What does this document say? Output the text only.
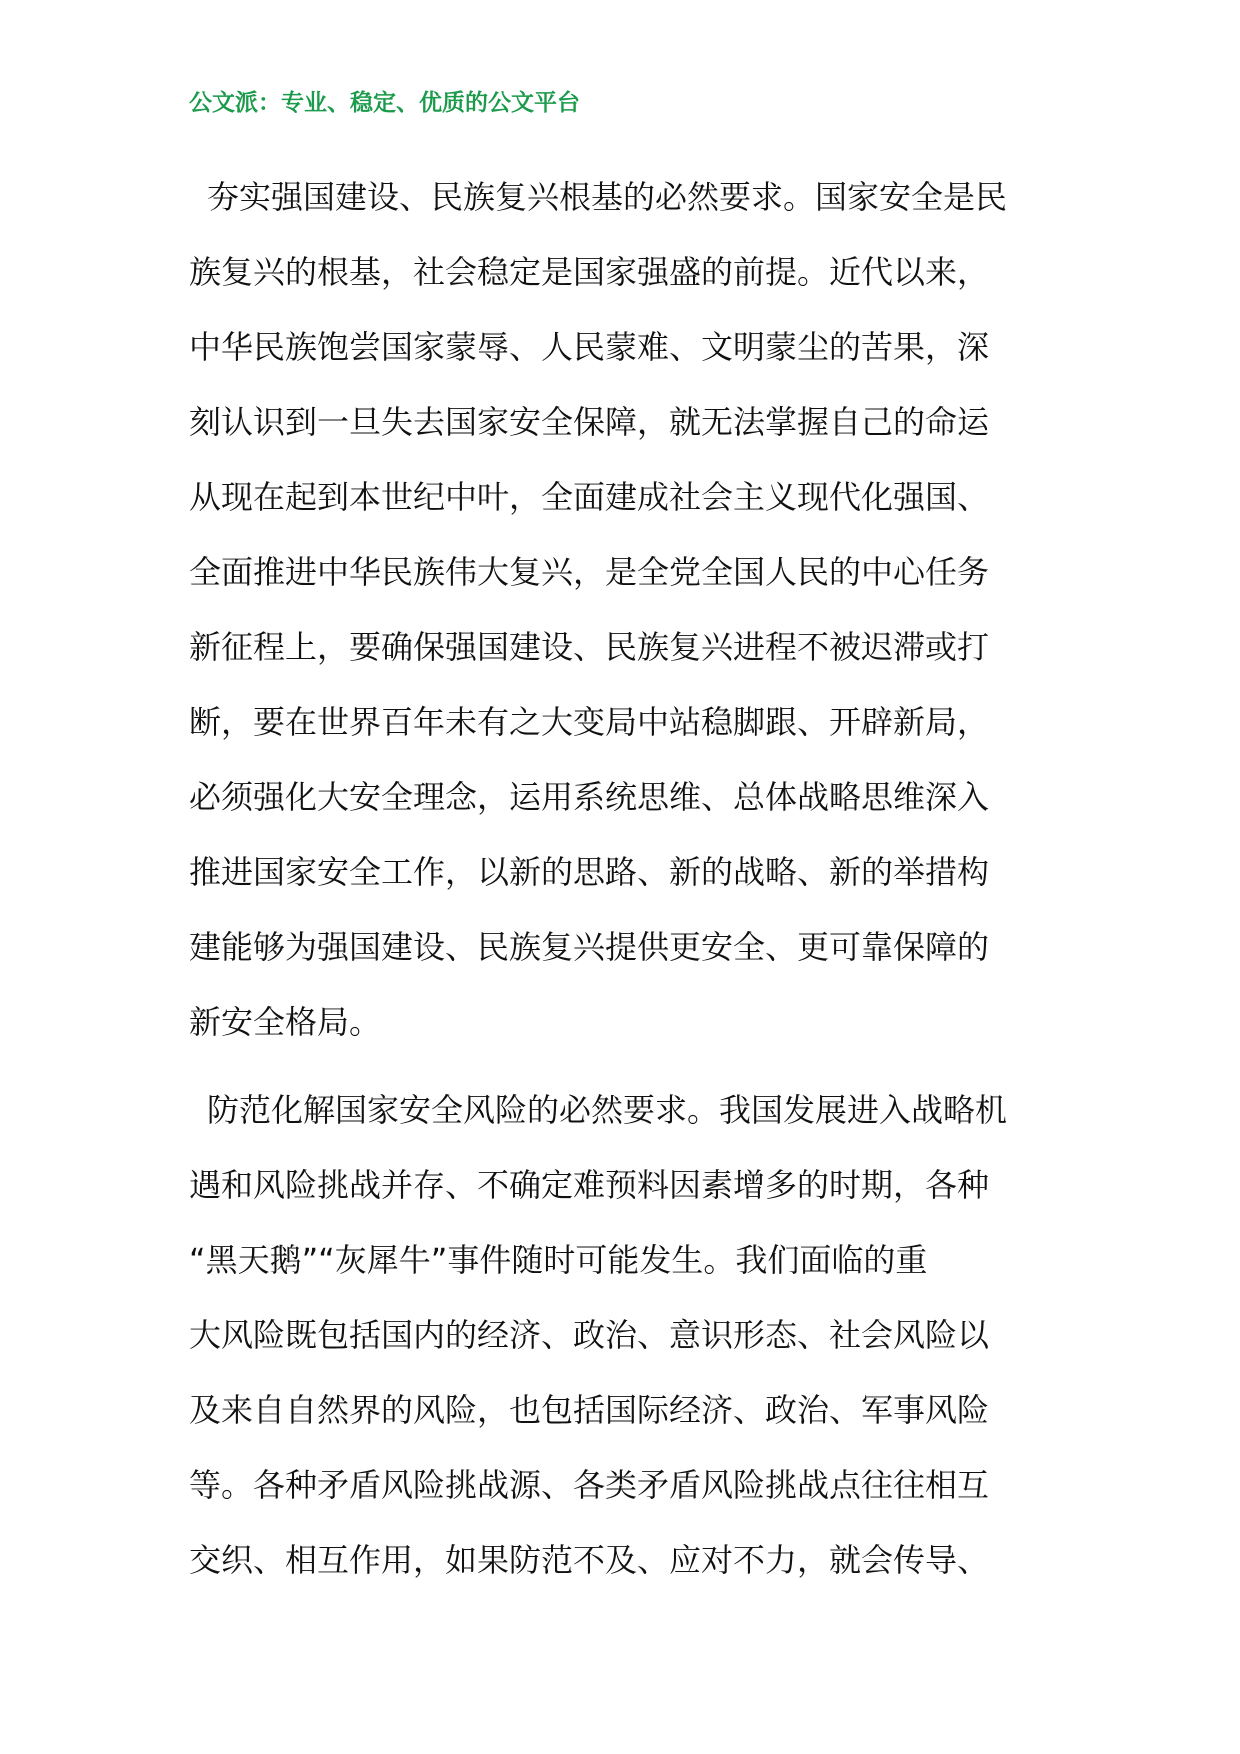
公文派：专业、稳定、优质的公文平台
夯实强国建设、民族复兴根基的必然要求。国家安全是民
族复兴的根基，社会稳定是国家强盛的前提。近代以来，
中华民族饱尝国家蒙辱、人民蒙难、文明蒙尘的苦果，深
刻认识到一旦失去国家安全保障，就无法掌握自己的命运
从现在起到本世纪中叶，全面建成社会主义现代化强国、
全面推进中华民族伟大复兴，是全党全国人民的中心任务
新征程上，要确保强国建设、民族复兴进程不被迟滞或打
断，要在世界百年未有之大变局中站稳脚跟、开辟新局，
必须强化大安全理念，运用系统思维、总体战略思维深入
推进国家安全工作，以新的思路、新的战略、新的举措构
建能够为强国建设、民族复兴提供更安全、更可靠保障的
新安全格局。
防范化解国家安全风险的必然要求。我国发展进入战略机
遇和风险挑战并存、不确定难预料因素增多的时期，各种
“黑天鹅”“灰犀牛”事件随时可能发生。我们面临的重
大风险既包括国内的经济、政治、意识形态、社会风险以
及来自自然界的风险，也包括国际经济、政治、军事风险
等。各种矛盾风险挑战源、各类矛盾风险挑战点往往相互
交织、相互作用，如果防范不及、应对不力，就会传导、
